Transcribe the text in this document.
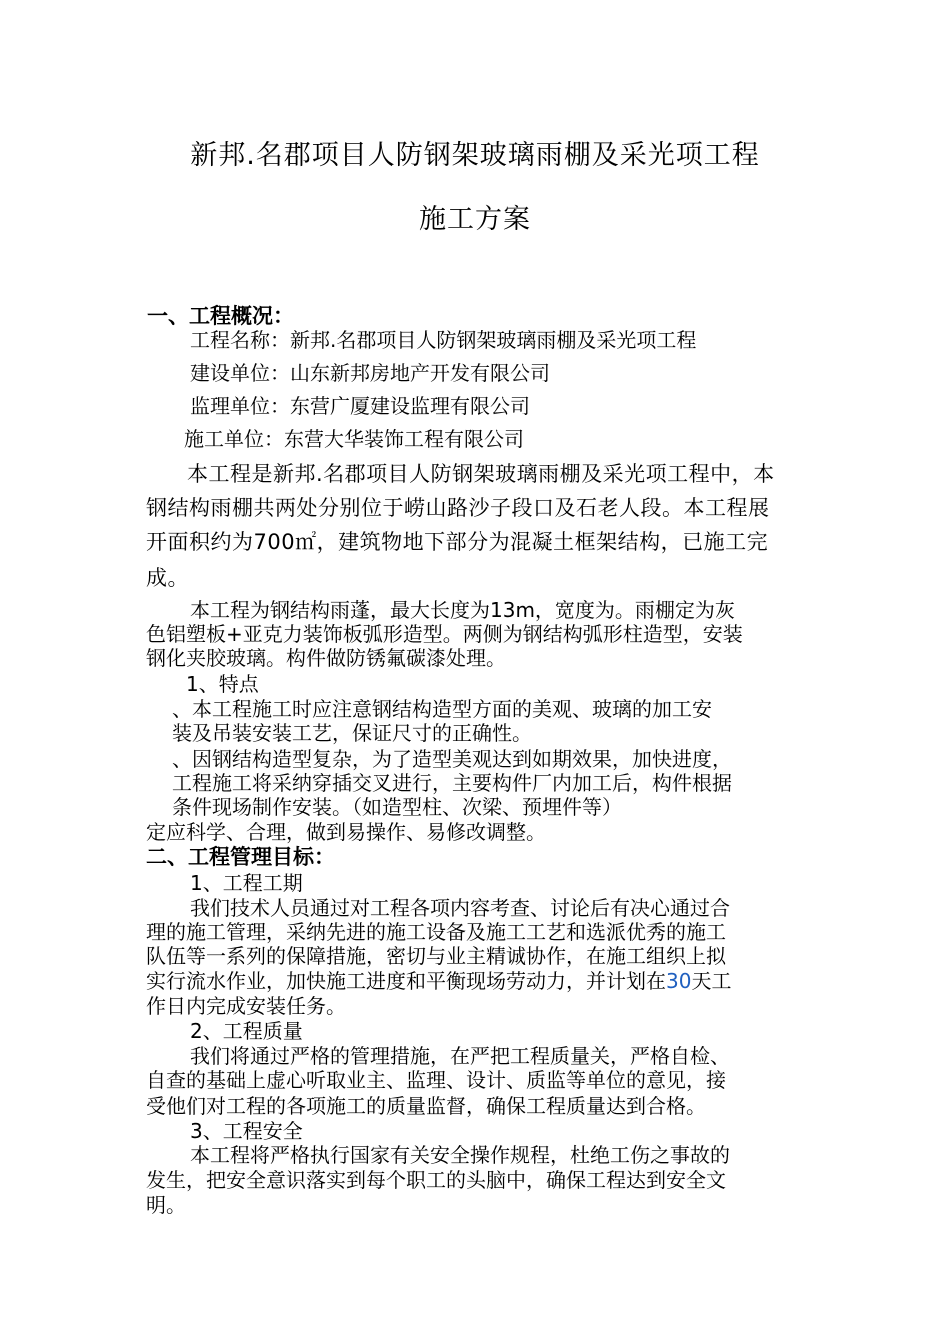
新邦.名郡项目人防钢架玻璃雨棚及采光项工程
施工方案
一、工程概况：
工程名称：新邦.名郡项目人防钢架玻璃雨棚及采光项工程
建设单位：山东新邦房地产开发有限公司
监理单位：东营广厦建设监理有限公司
施工单位：东营大华装饰工程有限公司
本工程是新邦.名郡项目人防钢架玻璃雨棚及采光项工程中，本
钢结构雨棚共两处分别位于崂山路沙子段口及石老人段。本工程展
开面积约为700㎡，建筑物地下部分为混凝土框架结构，已施工完
成。
本工程为钢结构雨蓬，最大长度为13m，宽度为。雨棚定为灰
色铝塑板+亚克力装饰板弧形造型。两侧为钢结构弧形柱造型，安装
钢化夹胶玻璃。构件做防锈氟碳漆处理。
1、特点
、本工程施工时应注意钢结构造型方面的美观、玻璃的加工安
装及吊装安装工艺，保证尺寸的正确性。
、因钢结构造型复杂，为了造型美观达到如期效果，加快进度，
工程施工将采纳穿插交叉进行，主要构件厂内加工后，构件根据
条件现场制作安装。（如造型柱、次梁、预埋件等）
定应科学、合理，做到易操作、易修改调整。
二、工程管理目标：
1、工程工期
我们技术人员通过对工程各项内容考查、讨论后有决心通过合
理的施工管理，采纳先进的施工设备及施工工艺和选派优秀的施工
队伍等一系列的保障措施，密切与业主精诚协作，在施工组织上拟
实行流水作业，加快施工进度和平衡现场劳动力，并计划在30天工
作日内完成安装任务。
2、工程质量
我们将通过严格的管理措施，在严把工程质量关，严格自检、
自查的基础上虚心听取业主、监理、设计、质监等单位的意见，接
受他们对工程的各项施工的质量监督，确保工程质量达到合格。
3、工程安全
本工程将严格执行国家有关安全操作规程，杜绝工伤之事故的
发生，把安全意识落实到每个职工的头脑中，确保工程达到安全文
明。
